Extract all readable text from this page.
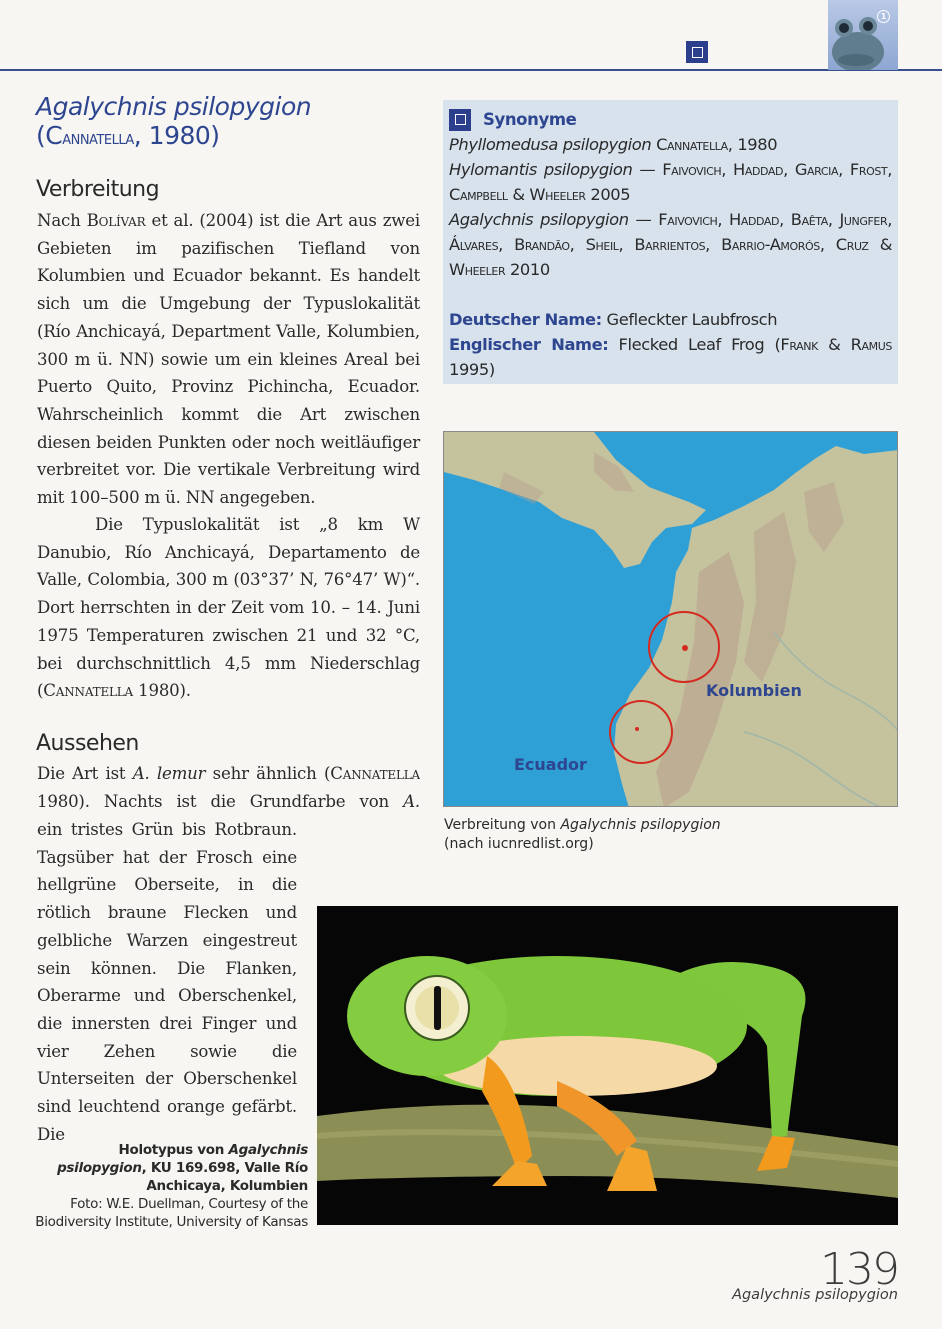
1
Agalychnis psilopygion
(Cannatella, 1980)
Verbreitung

Nach Bolívar et al. (2004) ist die Art aus zwei Gebieten im pazifischen Tiefland von Kolumbien und Ecuador bekannt. Es handelt sich um die Umgebung der Typuslokalität (Río Anchicayá, Department Valle, Kolumbien, 300 m ü. NN) sowie um ein kleines Areal bei Puerto Quito, Provinz Pichincha, Ecuador. Wahrscheinlich kommt die Art zwischen diesen beiden Punkten oder noch weitläufiger verbreitet vor. Die vertikale Verbreitung wird mit 100–500 m ü. NN angegeben.

Die Typuslokalität ist „8 km W Danubio, Río Anchicayá, Departamento de Valle, Colombia, 300 m (03°37’ N, 76°47’ W)“. Dort herrschten in der Zeit vom 10. – 14. Juni 1975 Temperaturen zwischen 21 und 32 °C, bei durchschnittlich 4,5 mm Niederschlag (Cannatella 1980).

Aussehen

Die Art ist A. lemur sehr ähnlich (Cannatella 1980). Nachts ist die Grundfarbe von A.

ein tristes Grün bis Rotbraun. Tagsüber hat der Frosch eine hellgrüne Oberseite, in die rötlich braune Flecken und gelbliche Warzen eingestreut sein können. Die Flanken, Oberarme und Oberschenkel, die innersten drei Finger und vier Zehen sowie die Unterseiten der Oberschenkel sind leuchtend orange gefärbt. Die

Synonyme
Phyllomedusa psilopygion Cannatella, 1980
Hylomantis psilopygion — Faivovich, Haddad, Garcia, Frost, Campbell & Wheeler 2005
Agalychnis psilopygion — Faivovich, Haddad, Baêta, Jungfer, Álvares, Brandão, Sheil, Barrientos, Barrio-Amorós, Cruz & Wheeler 2010
Deutscher Name: Gefleckter Laubfrosch
Englischer Name: Flecked Leaf Frog (Frank & Ramus 1995)
Kolumbien
Ecuador
Verbreitung von Agalychnis psilopygion
(nach iucnredlist.org)
Holotypus von Agalychnis psilopygion, KU 169.698, Valle Río Anchicaya, Kolumbien
Foto: W.E. Duellman, Courtesy of the Biodiversity Institute, University of Kansas
139
Agalychnis psilopygion
